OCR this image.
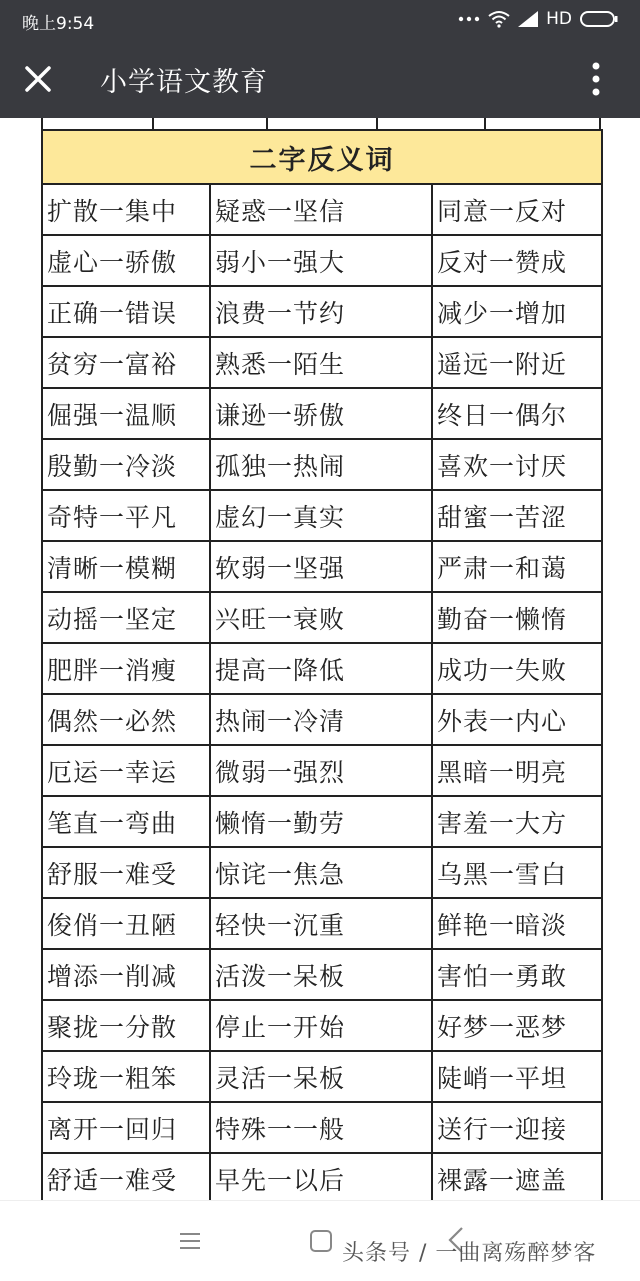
晚上9:54	HD
小学语文教育
二字反义词		
扩散一集中	疑惑一坚信	同意一反对
虚心一骄傲	弱小一强大	反对一赞成
正确一错误	浪费一节约	减少一增加
贫穷一富裕	熟悉一陌生	遥远一附近
倔强一温顺	谦逊一骄傲	终日一偶尔
殷勤一冷淡	孤独一热闹	喜欢一讨厌
奇特一平凡	虚幻一真实	甜蜜一苦涩
清晰一模糊	软弱一坚强	严肃一和蔼
动摇一坚定	兴旺一衰败	勤奋一懒惰
肥胖一消瘦	提高一降低	成功一失败
偶然一必然	热闹一冷清	外表一内心
厄运一幸运	微弱一强烈	黑暗一明亮
笔直一弯曲	懒惰一勤劳	害羞一大方
舒服一难受	惊诧一焦急	乌黑一雪白
俊俏一丑陋	轻快一沉重	鲜艳一暗淡
增添一削减	活泼一呆板	害怕一勇敢
聚拢一分散	停止一开始	好梦一恶梦
玲珑一粗笨	灵活一呆板	陡峭一平坦
离开一回归	特殊一一般	送行一迎接
舒适一难受	早先一以后	裸露一遮盖

头条号 / 一曲离殇醉梦客
